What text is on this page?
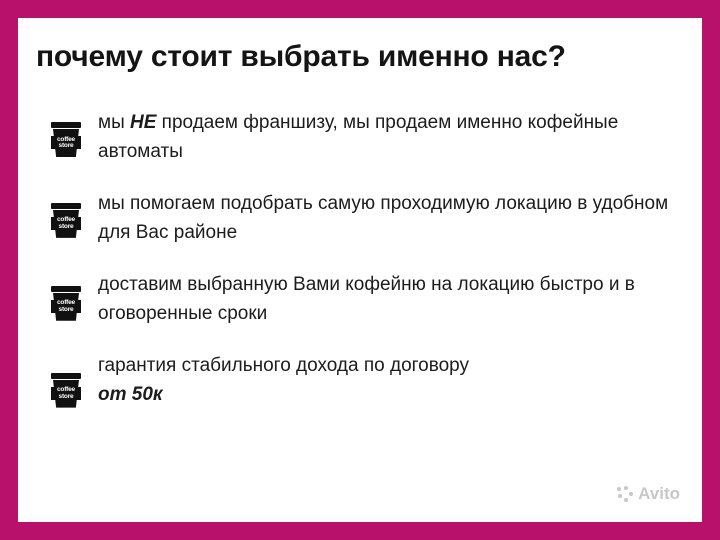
почему стоит выбрать именно нас?
coffee
store
мы НЕ продаем франшизу, мы продаем именно кофейные автоматы
coffee
store
мы помогаем подобрать самую проходимую локацию в удобном для Вас районе
coffee
store
доставим выбранную Вами кофейню на локацию быстро и в оговоренные сроки
coffee
store
гарантия стабильного дохода по договору
от 50к
Avito
